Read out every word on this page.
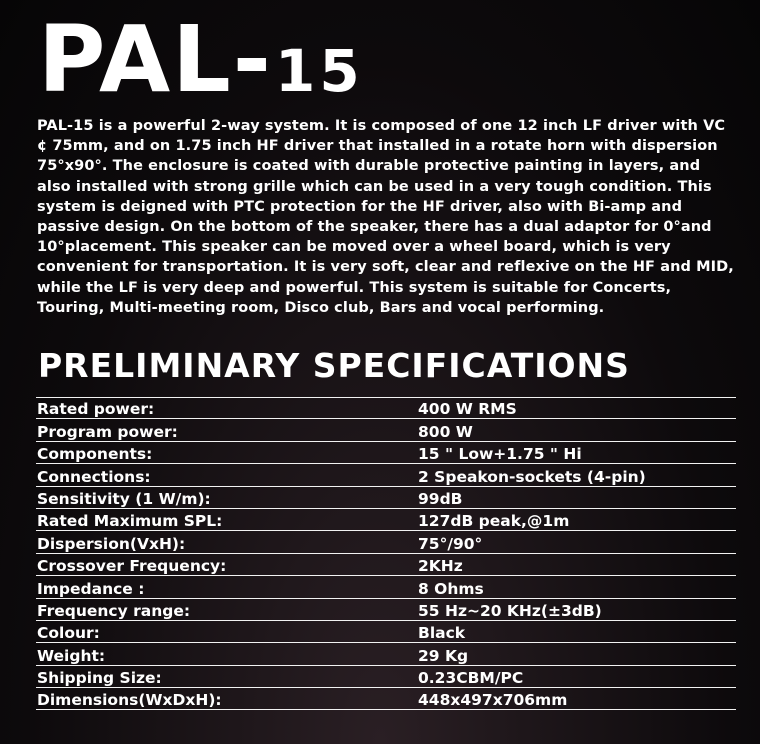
PAL-15
PAL-15 is a powerful 2-way system. It is composed of one 12 inch LF driver with VC ¢ 75mm, and on 1.75 inch HF driver that installed in a rotate horn with dispersion 75°x90°. The enclosure is coated with durable protective painting in layers, and also installed with strong grille which can be used in a very tough condition. This system is deigned with PTC protection for the HF driver, also with Bi-amp and passive design. On the bottom of the speaker, there has a dual adaptor for 0°and 10°placement. This speaker can be moved over a wheel board, which is very convenient for transportation. It is very soft, clear and reflexive on the HF and MID, while the LF is very deep and powerful. This system is suitable for Concerts, Touring, Multi-meeting room, Disco club, Bars and vocal performing.
PRELIMINARY SPECIFICATIONS
Rated power:	400 W RMS
Program power:	800 W
Components:	15 " Low+1.75 " Hi
Connections:	2 Speakon-sockets (4-pin)
Sensitivity (1 W/m):	99dB
Rated Maximum SPL:	127dB peak,@1m
Dispersion(VxH):	75°/90°
Crossover Frequency:	2KHz
Impedance :	8 Ohms
Frequency range:	55 Hz~20 KHz(±3dB)
Colour:	Black
Weight:	29 Kg
Shipping Size:	0.23CBM/PC
Dimensions(WxDxH):	448x497x706mm
